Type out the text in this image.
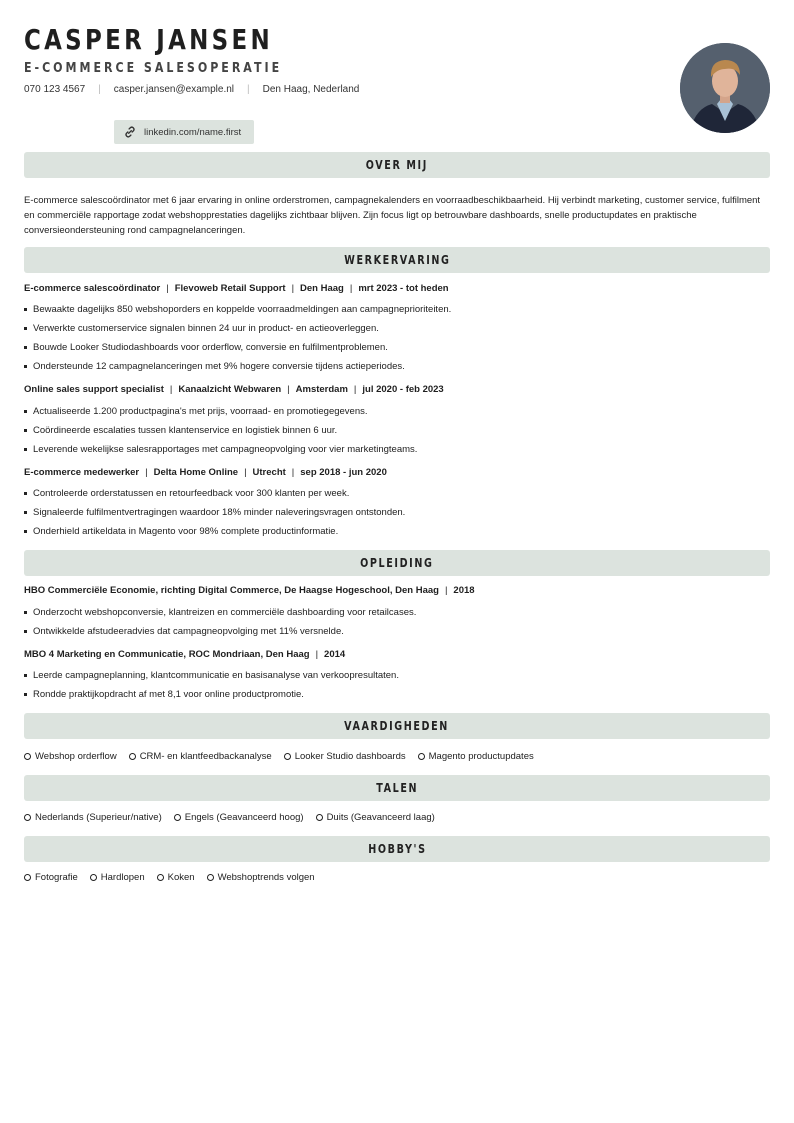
CASPER JANSEN
E-COMMERCE SALESOPERATIE
070 123 4567 | casper.jansen@example.nl | Den Haag, Nederland
linkedin.com/name.first
OVER MIJ
E-commerce salescoördinator met 6 jaar ervaring in online orderstromen, campagnekalenders en voorraadbeschikbaarheid. Hij verbindt marketing, customer service, fulfilment en commerciële rapportage zodat webshopprestaties dagelijks zichtbaar blijven. Zijn focus ligt op betrouwbare dashboards, snelle productupdates en praktische conversieondersteuning rond campagnelanceringen.
WERKERVARING
E-commerce salescoördinator | Flevoweb Retail Support | Den Haag | mrt 2023 - tot heden
Bewaakte dagelijks 850 webshoporders en koppelde voorraadmeldingen aan campagneprioriteiten.
Verwerkte customerservice signalen binnen 24 uur in product- en actieoverleggen.
Bouwde Looker Studiodashboards voor orderflow, conversie en fulfilmentproblemen.
Ondersteunde 12 campagnelanceringen met 9% hogere conversie tijdens actieperiodes.
Online sales support specialist | Kanaalzicht Webwaren | Amsterdam | jul 2020 - feb 2023
Actualiseerde 1.200 productpagina's met prijs, voorraad- en promotiegegevens.
Coördineerde escalaties tussen klantenservice en logistiek binnen 6 uur.
Leverende wekelijkse salesrapportages met campagneopvolging voor vier marketingteams.
E-commerce medewerker | Delta Home Online | Utrecht | sep 2018 - jun 2020
Controleerde orderstatussen en retourfeedback voor 300 klanten per week.
Signaleerde fulfilmentvertragingen waardoor 18% minder naleveringsvragen ontstonden.
Onderhield artikeldata in Magento voor 98% complete productinformatie.
OPLEIDING
HBO Commerciële Economie, richting Digital Commerce, De Haagse Hogeschool, Den Haag | 2018
Onderzocht webshopconversie, klantreizen en commerciële dashboarding voor retailcases.
Ontwikkelde afstudeeradvies dat campagneopvolging met 11% versnelde.
MBO 4 Marketing en Communicatie, ROC Mondriaan, Den Haag | 2014
Leerde campagneplanning, klantcommunicatie en basisanalyse van verkoopresultaten.
Rondde praktijkopdracht af met 8,1 voor online productpromotie.
VAARDIGHEDEN
Webshop orderflow CRM- en klantfeedbackanalyse Looker Studio dashboards Magento productupdates
TALEN
Nederlands (Superieur/native) Engels (Geavanceerd hoog) Duits (Geavanceerd laag)
HOBBY'S
Fotografie Hardlopen Koken Webshoptrends volgen
